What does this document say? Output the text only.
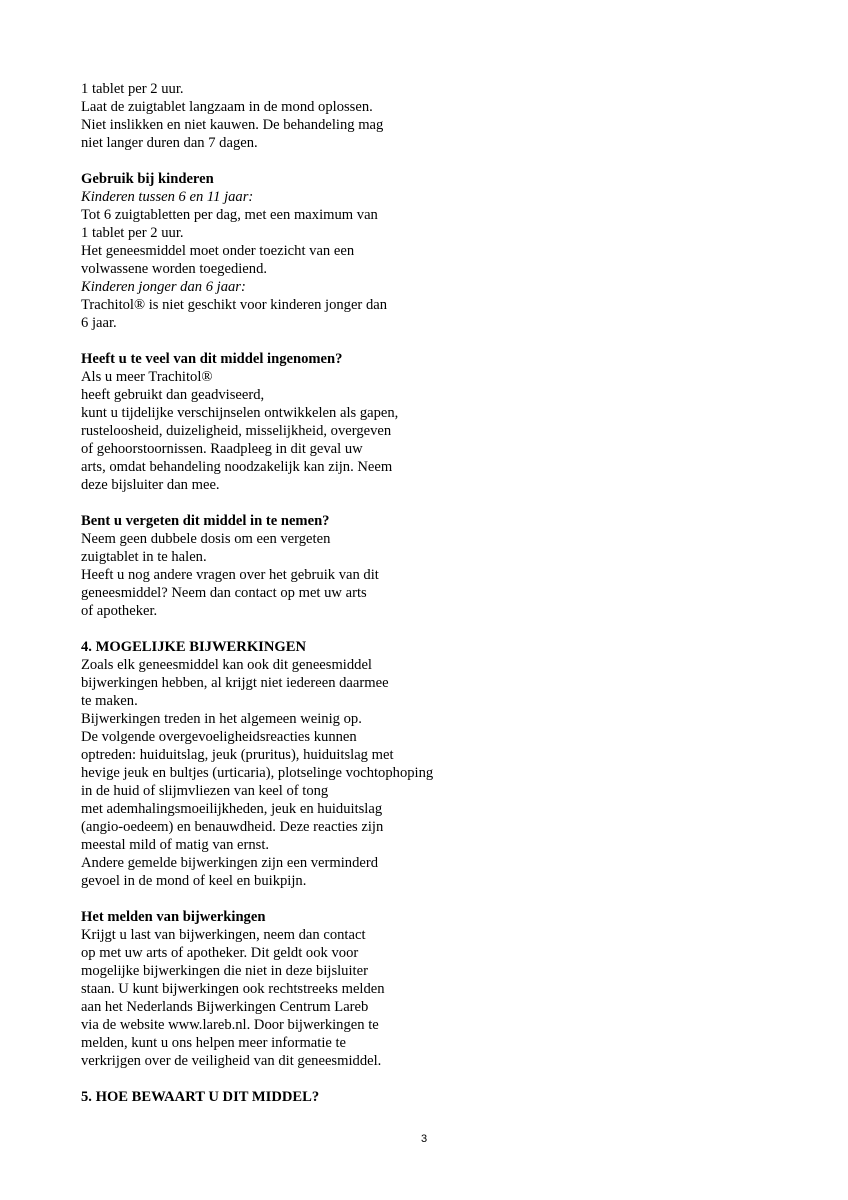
1 tablet per 2 uur.
Laat de zuigtablet langzaam in de mond oplossen.
Niet inslikken en niet kauwen. De behandeling mag
niet langer duren dan 7 dagen.
Gebruik bij kinderen
Kinderen tussen 6 en 11 jaar:
Tot 6 zuigtabletten per dag, met een maximum van
1 tablet per 2 uur.
Het geneesmiddel moet onder toezicht van een
volwassene worden toegediend.
Kinderen jonger dan 6 jaar:
Trachitol® is niet geschikt voor kinderen jonger dan
6 jaar.
Heeft u te veel van dit middel ingenomen?
Als u meer Trachitol®
heeft gebruikt dan geadviseerd,
kunt u tijdelijke verschijnselen ontwikkelen als gapen,
rusteloosheid, duizeligheid, misselijkheid, overgeven
of gehoorstoornissen. Raadpleeg in dit geval uw
arts, omdat behandeling noodzakelijk kan zijn. Neem
deze bijsluiter dan mee.
Bent u vergeten dit middel in te nemen?
Neem geen dubbele dosis om een vergeten
zuigtablet in te halen.
Heeft u nog andere vragen over het gebruik van dit
geneesmiddel? Neem dan contact op met uw arts
of apotheker.
4. MOGELIJKE BIJWERKINGEN
Zoals elk geneesmiddel kan ook dit geneesmiddel
bijwerkingen hebben, al krijgt niet iedereen daarmee
te maken.
Bijwerkingen treden in het algemeen weinig op.
De volgende overgevoeligheidsreacties kunnen
optreden: huiduitslag, jeuk (pruritus), huiduitslag met
hevige jeuk en bultjes (urticaria), plotselinge vochtophoping
in de huid of slijmvliezen van keel of tong
met ademhalingsmoeilijkheden, jeuk en huiduitslag
(angio-oedeem) en benauwdheid. Deze reacties zijn
meestal mild of matig van ernst.
Andere gemelde bijwerkingen zijn een verminderd
gevoel in de mond of keel en buikpijn.
Het melden van bijwerkingen
Krijgt u last van bijwerkingen, neem dan contact
op met uw arts of apotheker. Dit geldt ook voor
mogelijke bijwerkingen die niet in deze bijsluiter
staan. U kunt bijwerkingen ook rechtstreeks melden
aan het Nederlands Bijwerkingen Centrum Lareb
via de website www.lareb.nl. Door bijwerkingen te
melden, kunt u ons helpen meer informatie te
verkrijgen over de veiligheid van dit geneesmiddel.
5. HOE BEWAART U DIT MIDDEL?
3
